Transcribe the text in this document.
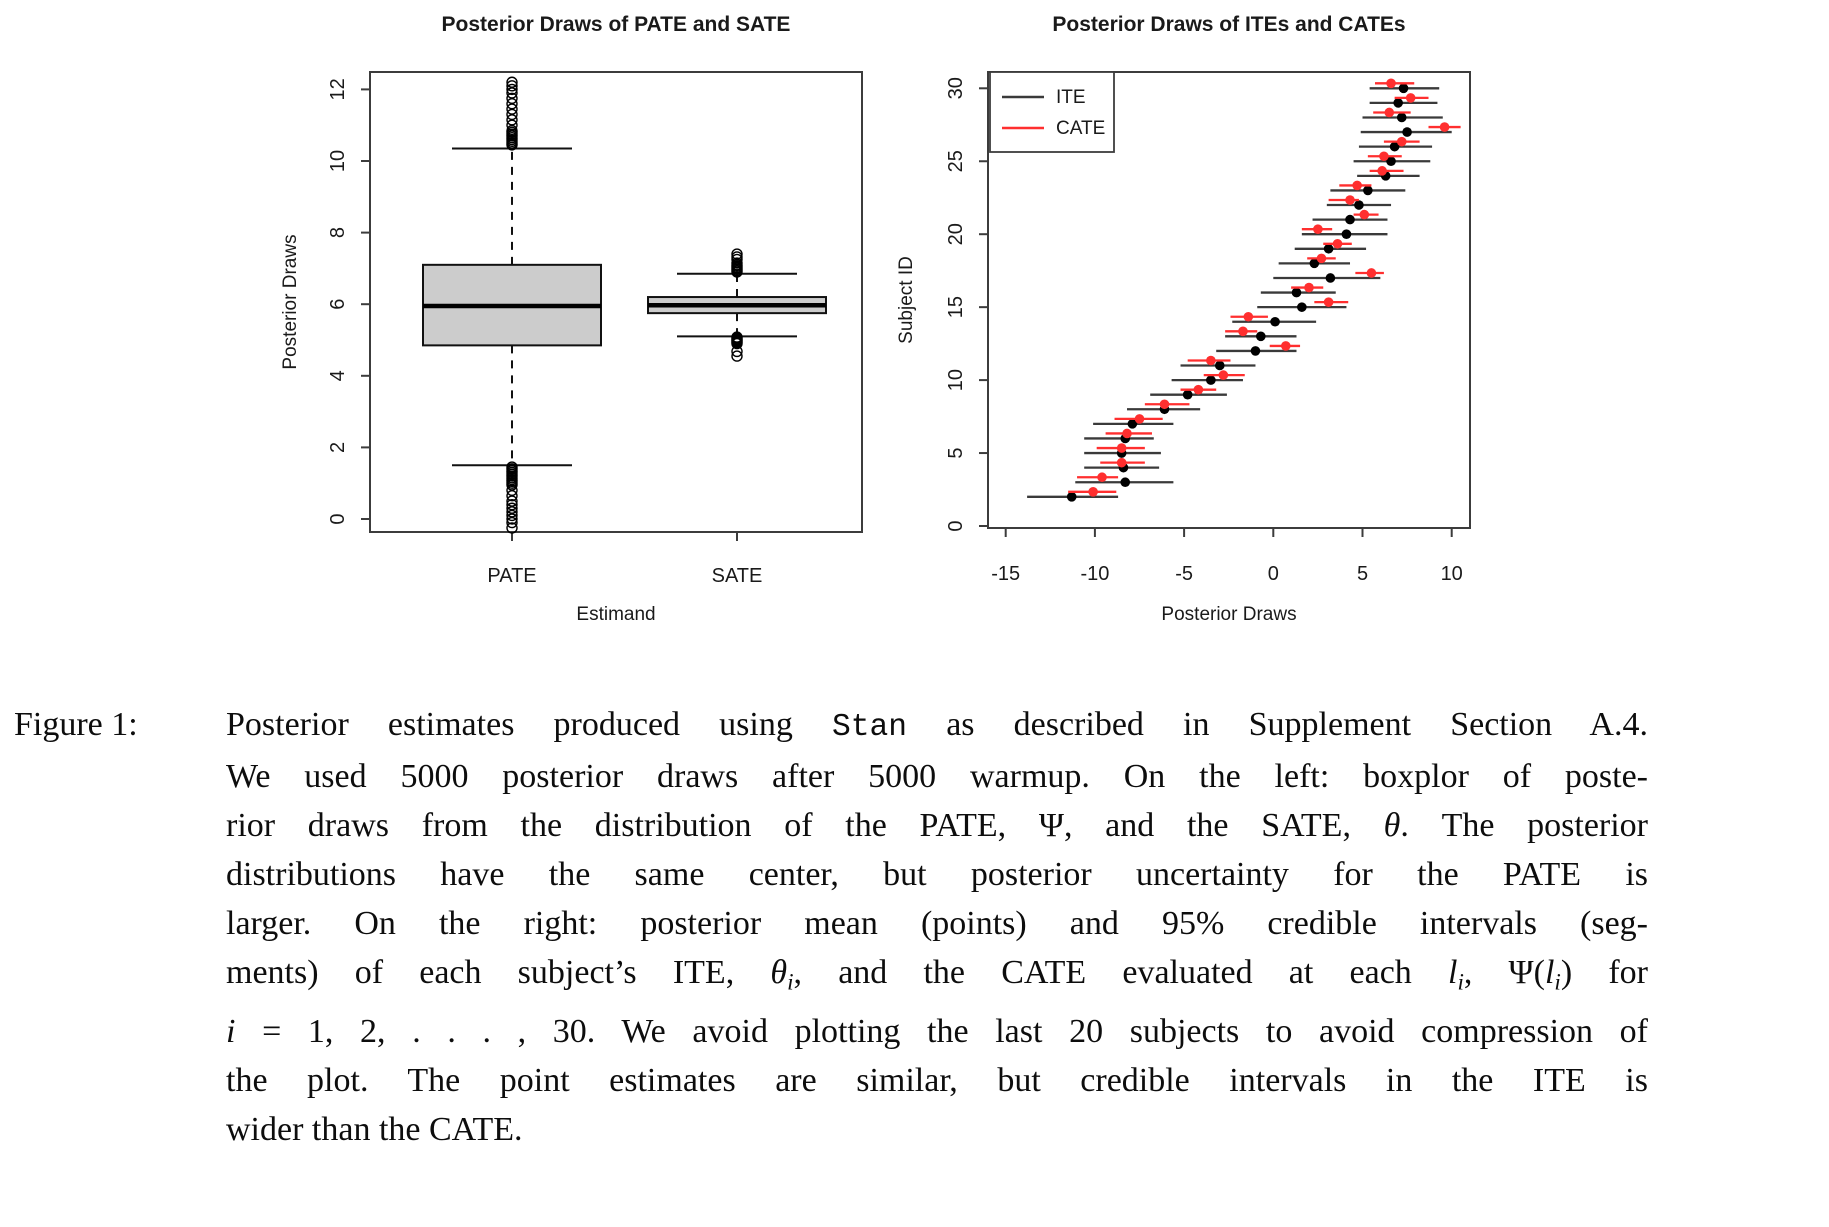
Posterior Draws of PATE and SATE
0
2
4
6
8
10
12
Posterior Draws
PATE	SATE
Estimand
Posterior Draws of ITEs and CATEs
-15	-10	-5	0	5	10
Posterior Draws
0
5
10
15
20
25
30
Subject ID
ITE
CATE
Figure 1:	Posterior estimates produced using Stan as described in Supplement Section A.4.
We used 5000 posterior draws after 5000 warmup. On the left: boxplor of poste-
rior draws from the distribution of the PATE, Ψ, and the SATE, θ. The posterior
distributions have the same center, but posterior uncertainty for the PATE is
larger. On the right: posterior mean (points) and 95% credible intervals (seg-
ments) of each subject’s ITE, $\theta_i$, and the CATE evaluated at each $l_i$, $\Psi(l_i)$ for
i = 1, 2, . . . , 30. We avoid plotting the last 20 subjects to avoid compression of
the plot. The point estimates are similar, but credible intervals in the ITE is
wider than the CATE.
